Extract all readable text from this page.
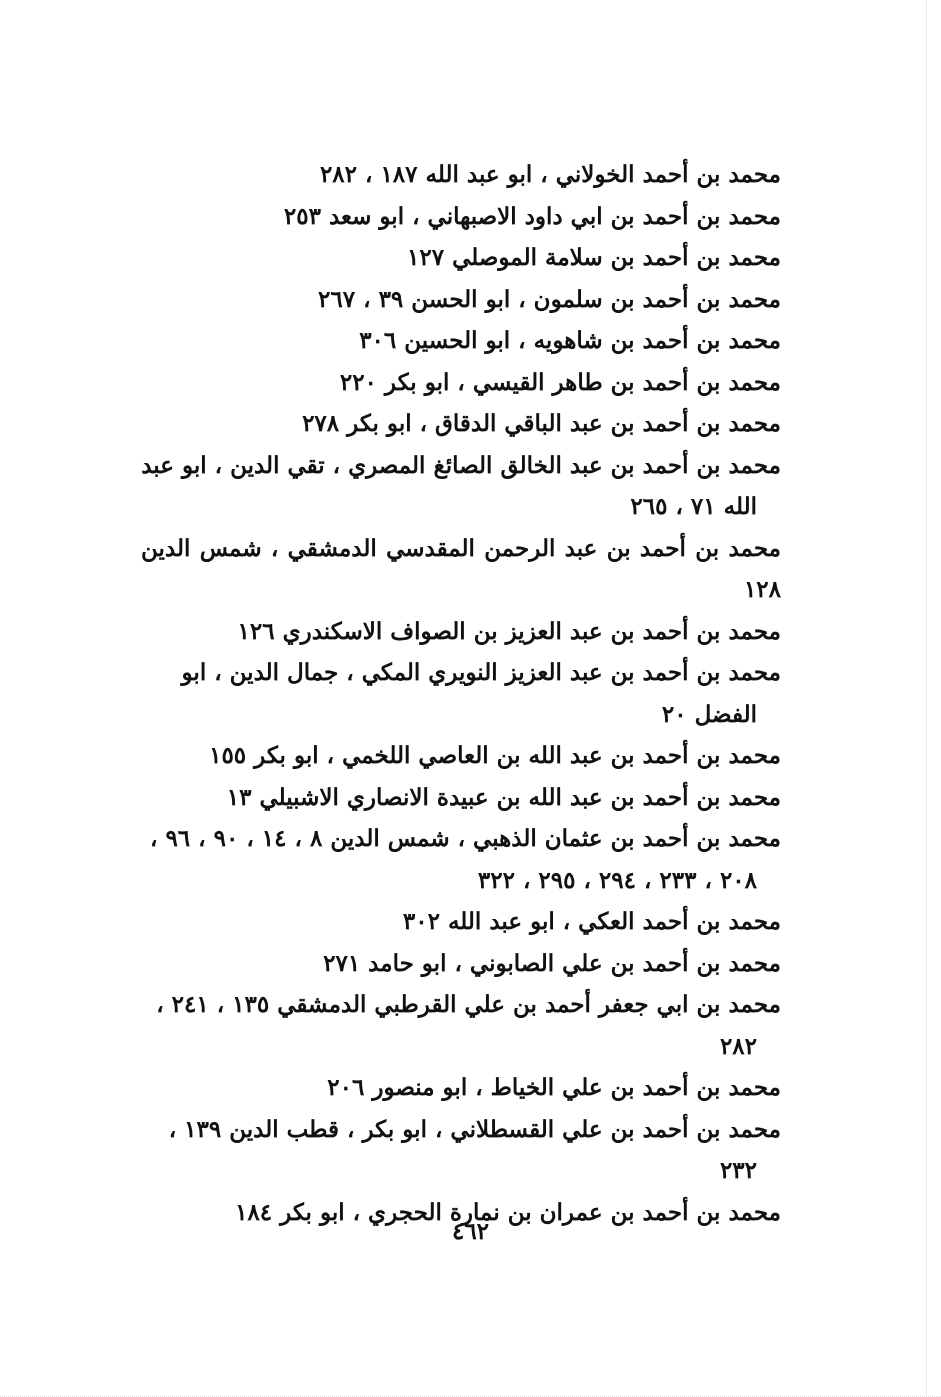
محمد بن أحمد الخولاني ، ابو عبد الله ١٨٧ ، ٢٨٢

محمد بن أحمد بن ابي داود الاصبهاني ، ابو سعد ٢٥٣

محمد بن أحمد بن سلامة الموصلي ١٢٧

محمد بن أحمد بن سلمون ، ابو الحسن ٣٩ ، ٢٦٧

محمد بن أحمد بن شاهويه ، ابو الحسين ٣٠٦

محمد بن أحمد بن طاهر القيسي ، ابو بكر ٢٢٠

محمد بن أحمد بن عبد الباقي الدقاق ، ابو بكر ٢٧٨

محمد بن أحمد بن عبد الخالق الصائغ المصري ، تقي الدين ، ابو عبد
الله ٧١ ، ٢٦٥

محمد بن أحمد بن عبد الرحمن المقدسي الدمشقي ، شمس الدين ١٢٨

محمد بن أحمد بن عبد العزيز بن الصواف الاسكندري ١٢٦

محمد بن أحمد بن عبد العزيز النويري المكي ، جمال الدين ، ابو
الفضل ٢٠

محمد بن أحمد بن عبد الله بن العاصي اللخمي ، ابو بكر ١٥٥

محمد بن أحمد بن عبد الله بن عبيدة الانصاري الاشبيلي ١٣

محمد بن أحمد بن عثمان الذهبي ، شمس الدين ٨ ، ١٤ ، ٩٠ ، ٩٦ ،
٢٠٨ ، ٢٣٣ ، ٢٩٤ ، ٢٩٥ ، ٣٢٢

محمد بن أحمد العكي ، ابو عبد الله ٣٠٢

محمد بن أحمد بن علي الصابوني ، ابو حامد ٢٧١

محمد بن ابي جعفر أحمد بن علي القرطبي الدمشقي ١٣٥ ، ٢٤١ ،
٢٨٢

محمد بن أحمد بن علي الخياط ، ابو منصور ٢٠٦

محمد بن أحمد بن علي القسطلاني ، ابو بكر ، قطب الدين ١٣٩ ،
٢٣٢

محمد بن أحمد بن عمران بن نمارة الحجري ، ابو بكر ١٨٤

٤٦٢
